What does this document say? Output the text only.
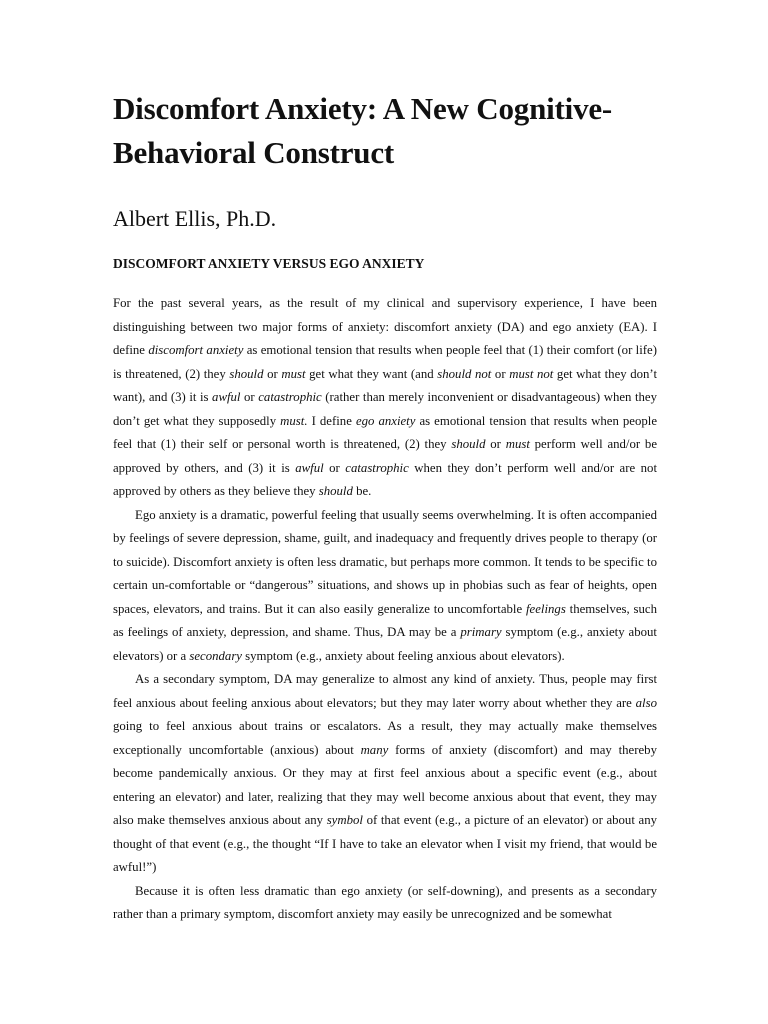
Discomfort Anxiety: A New Cognitive-Behavioral Construct
Albert Ellis, Ph.D.
DISCOMFORT ANXIETY VERSUS EGO ANXIETY

For the past several years, as the result of my clinical and supervisory experience, I have been distinguishing between two major forms of anxiety: discomfort anxiety (DA) and ego anxiety (EA). I define discomfort anxiety as emotional tension that results when people feel that (1) their comfort (or life) is threatened, (2) they should or must get what they want (and should not or must not get what they don’t want), and (3) it is awful or catastrophic (rather than merely inconvenient or disadvantageous) when they don’t get what they supposedly must. I define ego anxiety as emotional tension that results when people feel that (1) their self or personal worth is threatened, (2) they should or must perform well and/or be approved by others, and (3) it is awful or catastrophic when they don’t perform well and/or are not approved by others as they believe they should be.

Ego anxiety is a dramatic, powerful feeling that usually seems overwhelming. It is often accompanied by feelings of severe depression, shame, guilt, and inadequacy and frequently drives people to therapy (or to suicide). Discomfort anxiety is often less dramatic, but perhaps more common. It tends to be specific to certain un-comfortable or “dangerous” situations, and shows up in phobias such as fear of heights, open spaces, elevators, and trains. But it can also easily generalize to uncomfortable feelings themselves, such as feelings of anxiety, depression, and shame. Thus, DA may be a primary symptom (e.g., anxiety about elevators) or a secondary symptom (e.g., anxiety about feeling anxious about elevators).

As a secondary symptom, DA may generalize to almost any kind of anxiety. Thus, people may first feel anxious about feeling anxious about elevators; but they may later worry about whether they are also going to feel anxious about trains or escalators. As a result, they may actually make themselves exceptionally uncomfortable (anxious) about many forms of anxiety (discomfort) and may thereby become pandemically anxious. Or they may at first feel anxious about a specific event (e.g., about entering an elevator) and later, realizing that they may well become anxious about that event, they may also make themselves anxious about any symbol of that event (e.g., a picture of an elevator) or about any thought of that event (e.g., the thought “If I have to take an elevator when I visit my friend, that would be awful!”)

Because it is often less dramatic than ego anxiety (or self-downing), and presents as a secondary rather than a primary symptom, discomfort anxiety may easily be unrecognized and be somewhat
